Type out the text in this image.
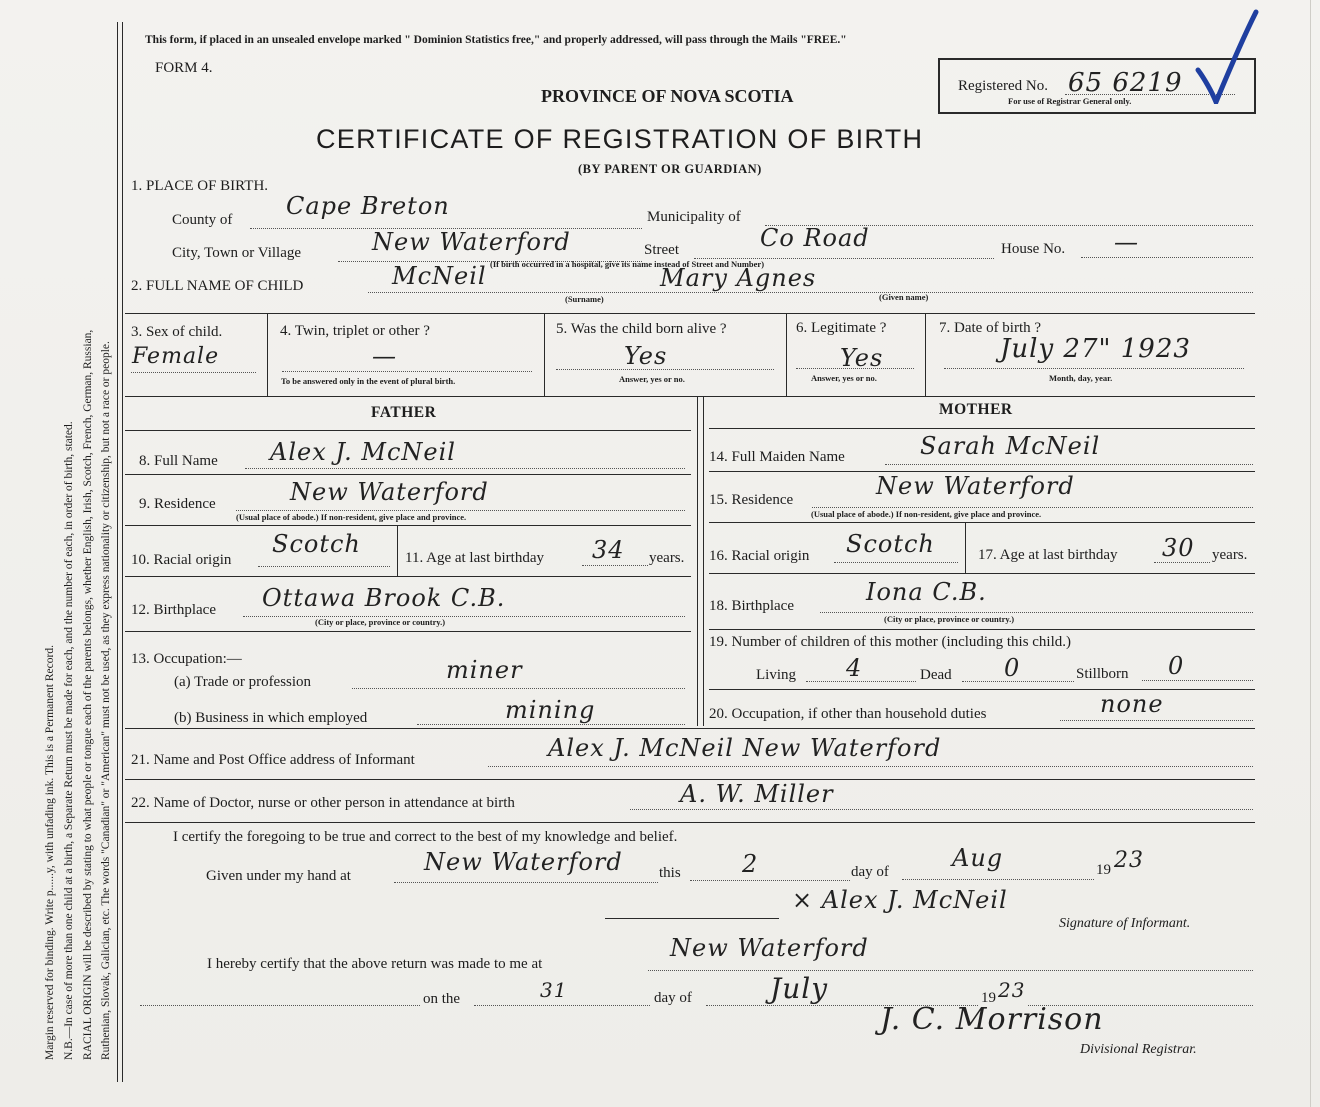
Margin reserved for binding. Write p......y, with unfading ink. This is a Permanent Record. N.B.—In case of more than one child at a birth, a Separate Return must be made for each, and the number of each, in order of birth, stated. RACIAL ORIGIN will be described by stating to what people or tongue each of the parents belongs, whether English, Irish, Scotch, French, German, Russian, Ruthenian, Slovak, Galician, etc. The words "Canadian" or "American" must not be used, as they express nationality or citizenship, but not a race or people.
This form, if placed in an unsealed envelope marked " Dominion Statistics free," and properly addressed, will pass through the Mails "FREE."
FORM 4.
PROVINCE OF NOVA SCOTIA
CERTIFICATE OF REGISTRATION OF BIRTH
(BY PARENT OR GUARDIAN)
Registered No. 65 6219
For use of Registrar General only.
1. PLACE OF BIRTH.
County of Cape Breton	Municipality of
City, Town or Village	New Waterford	Street	Co Road	House No. —
(If birth occurred in a hospital, give its name instead of Street and Number)
2. FULL NAME OF CHILD	McNeil	Mary Agnes
(Surname)	(Given name)
3. Sex of child.
Female
4. Twin, triplet or other ?
—
To be answered only in the event of plural birth.
5. Was the child born alive ?
Yes
Answer, yes or no.
6. Legitimate ?
Yes
Answer, yes or no.
7. Date of birth ?
July 27" 1923
Month, day, year.
FATHER	MOTHER
8. Full Name Alex J. McNeil
9. Residence	New Waterford
(Usual place of abode.) If non-resident, give place and province.
10. Racial origin
Scotch	11. Age at last birthday 34 years.
12. Birthplace Ottawa Brook C.B.
(City or place, province or country.)
13. Occupation:—
(a) Trade or profession	miner
(b) Business in which employed	mining
14. Full Maiden Name	Sarah McNeil
15. Residence	New Waterford
(Usual place of abode.) If non-resident, give place and province.
16. Racial origin Scotch	17. Age at last birthday 30 years.
18. Birthplace	Iona C.B.
(City or place, province or country.)
19. Number of children of this mother (including this child.)
Living 4	Dead 0	Stillborn 0
20. Occupation, if other than household duties	none
21. Name and Post Office address of Informant	Alex J. McNeil New Waterford
22. Name of Doctor, nurse or other person in attendance at birth	A. W. Miller
I certify the foregoing to be true and correct to the best of my knowledge and belief.
Given under my hand at	New Waterford this	2	day of	Aug	19 23
× Alex J. McNeil
Signature of Informant.
I hereby certify that the above return was made to me at
New Waterford
on the	31	day of	July	19 23
J. C. Morrison
Divisional Registrar.
